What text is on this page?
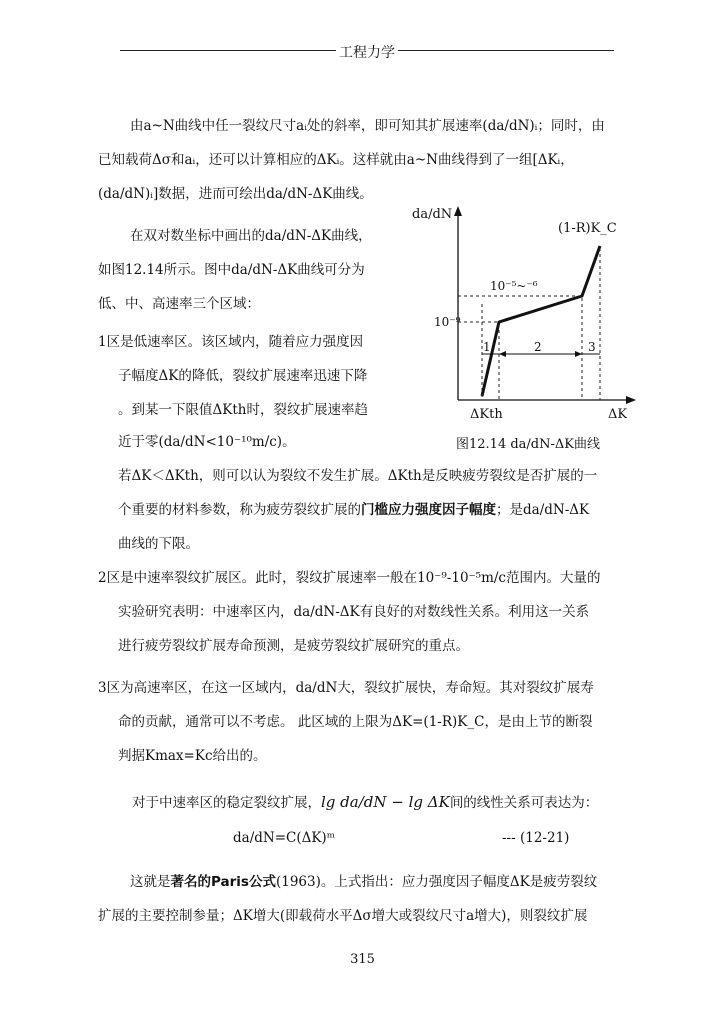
工程力学
由a~N曲线中任一裂纹尺寸aᵢ处的斜率，即可知其扩展速率(da/dN)ᵢ；同时，由
已知载荷Δσ和aᵢ，还可以计算相应的ΔKᵢ。这样就由a~N曲线得到了一组[ΔKᵢ，
(da/dN)ᵢ]数据，进而可绘出da/dN-ΔK曲线。
在双对数坐标中画出的da/dN-ΔK曲线，
如图12.14所示。图中da/dN-ΔK曲线可分为
低、中、高速率三个区域：
1区是低速率区。该区域内，随着应力强度因
子幅度ΔK的降低，裂纹扩展速率迅速下降
。到某一下限值ΔKth时，裂纹扩展速率趋
近于零(da/dN<10⁻¹⁰m/c)。
若ΔK＜ΔKth，则可以认为裂纹不发生扩展。ΔKth是反映疲劳裂纹是否扩展的一
个重要的材料参数，称为疲劳裂纹扩展的门槛应力强度因子幅度；是da/dN-ΔK
曲线的下限。
2区是中速率裂纹扩展区。此时，裂纹扩展速率一般在10⁻⁹-10⁻⁵m/c范围内。大量的
实验研究表明：中速率区内，da/dN-ΔK有良好的对数线性关系。利用这一关系
进行疲劳裂纹扩展寿命预测，是疲劳裂纹扩展研究的重点。
3区为高速率区，在这一区域内，da/dN大，裂纹扩展快，寿命短。其对裂纹扩展寿
命的贡献，通常可以不考虑。 此区域的上限为ΔK=(1-R)K_C，是由上节的断裂
判据Kmax=Kc给出的。
对于中速率区的稳定裂纹扩展，lg da/dN − lg ΔK间的线性关系可表达为：
da/dN=C(ΔK)ᵐ	--- (12-21)
这就是著名的Paris公式(1963)。上式指出：应力强度因子幅度ΔK是疲劳裂纹
扩展的主要控制参量；ΔK增大(即载荷水平Δσ增大或裂纹尺寸a增大)，则裂纹扩展
da/dN
(1-R)K_C
10⁻⁵~⁻⁶
10⁻⁹
1	2	3
ΔKth	ΔK
图12.14 da/dN-ΔK曲线
315
